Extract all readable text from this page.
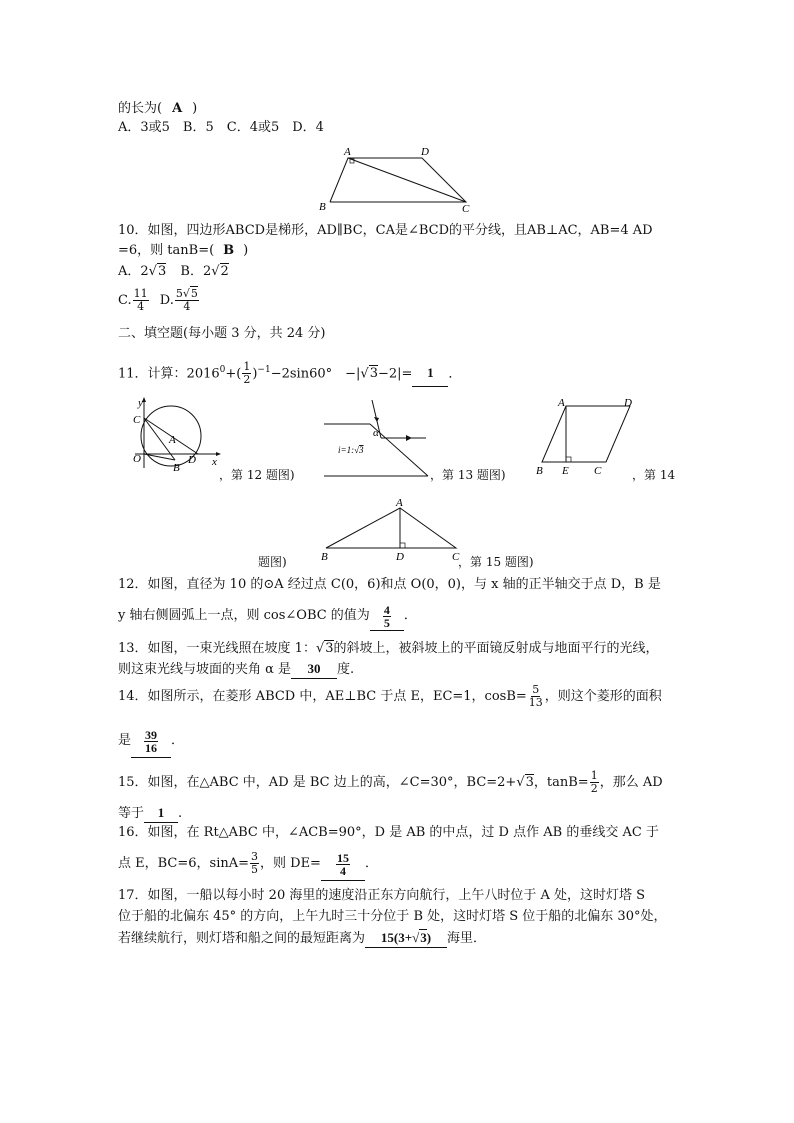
的长为( A )
A．3或5　B．5　C．4或5　D．4
A	D
B	C
10．如图，四边形ABCD是梯形，AD∥BC，CA是∠BCD的平分线，且AB⊥AC，AB=4 AD
=6，则 tanB=( B )
A．2√3 B．2√2
C. $\frac{11}{4} D$. $\frac{5√5}{4}$
二、填空题(每小题 3 分，共 24 分)
11．计算：$2016^0+( \frac{1}{2} )^{-1}-2\sin 60^\circ$　−|√3−2|= 1 ．
y
x
C
A
O	D
B	，第 12 题图)
α
i=1:√3
，第 13 题图)
A	D
B E C	，第 14
A
B	D	C
题图)	，第 15 题图)
12．如图，直径为 10 的⊙A 经过点 C(0，6)和点 O(0，0)，与 x 轴的正半轴交于点 D，B 是
y 轴右侧圆弧上一点，则 cos∠OBC 的值为 $\frac{4}{5}$ ．
13．如图，一束光线照在坡度 1：√3的斜坡上，被斜坡上的平面镜反射成与地面平行的光线，
则这束光线与坡面的夹角 α 是 30 度.
14．如图所示，在菱形 ABCD 中，AE⊥BC 于点 E，EC=1，$\cos B= \frac{5}{13}$ ，则这个菱形的面积
是 $\frac{39}{16}$ ．
15．如图，在△ABC 中，AD 是 BC 边上的高，∠C=30°，BC=2+√3，$\tan B= \frac{1}{2}$ ，那么 AD
等于 1 .
16．如图，在 Rt△ABC 中，∠ACB=90°，D 是 AB 的中点，过 D 点作 AB 的垂线交 AC 于
点 E，BC=6，$\sin A= \frac{3}{5}$ ，则 $DE= \frac{15}{4}$ ．
17．如图，一船以每小时 20 海里的速度沿正东方向航行，上午八时位于 A 处，这时灯塔 S
位于船的北偏东 45° 的方向，上午九时三十分位于 B 处，这时灯塔 S 位于船的北偏东 30°处，
若继续航行，则灯塔和船之间的最短距离为 15(3+√3) 海里．
